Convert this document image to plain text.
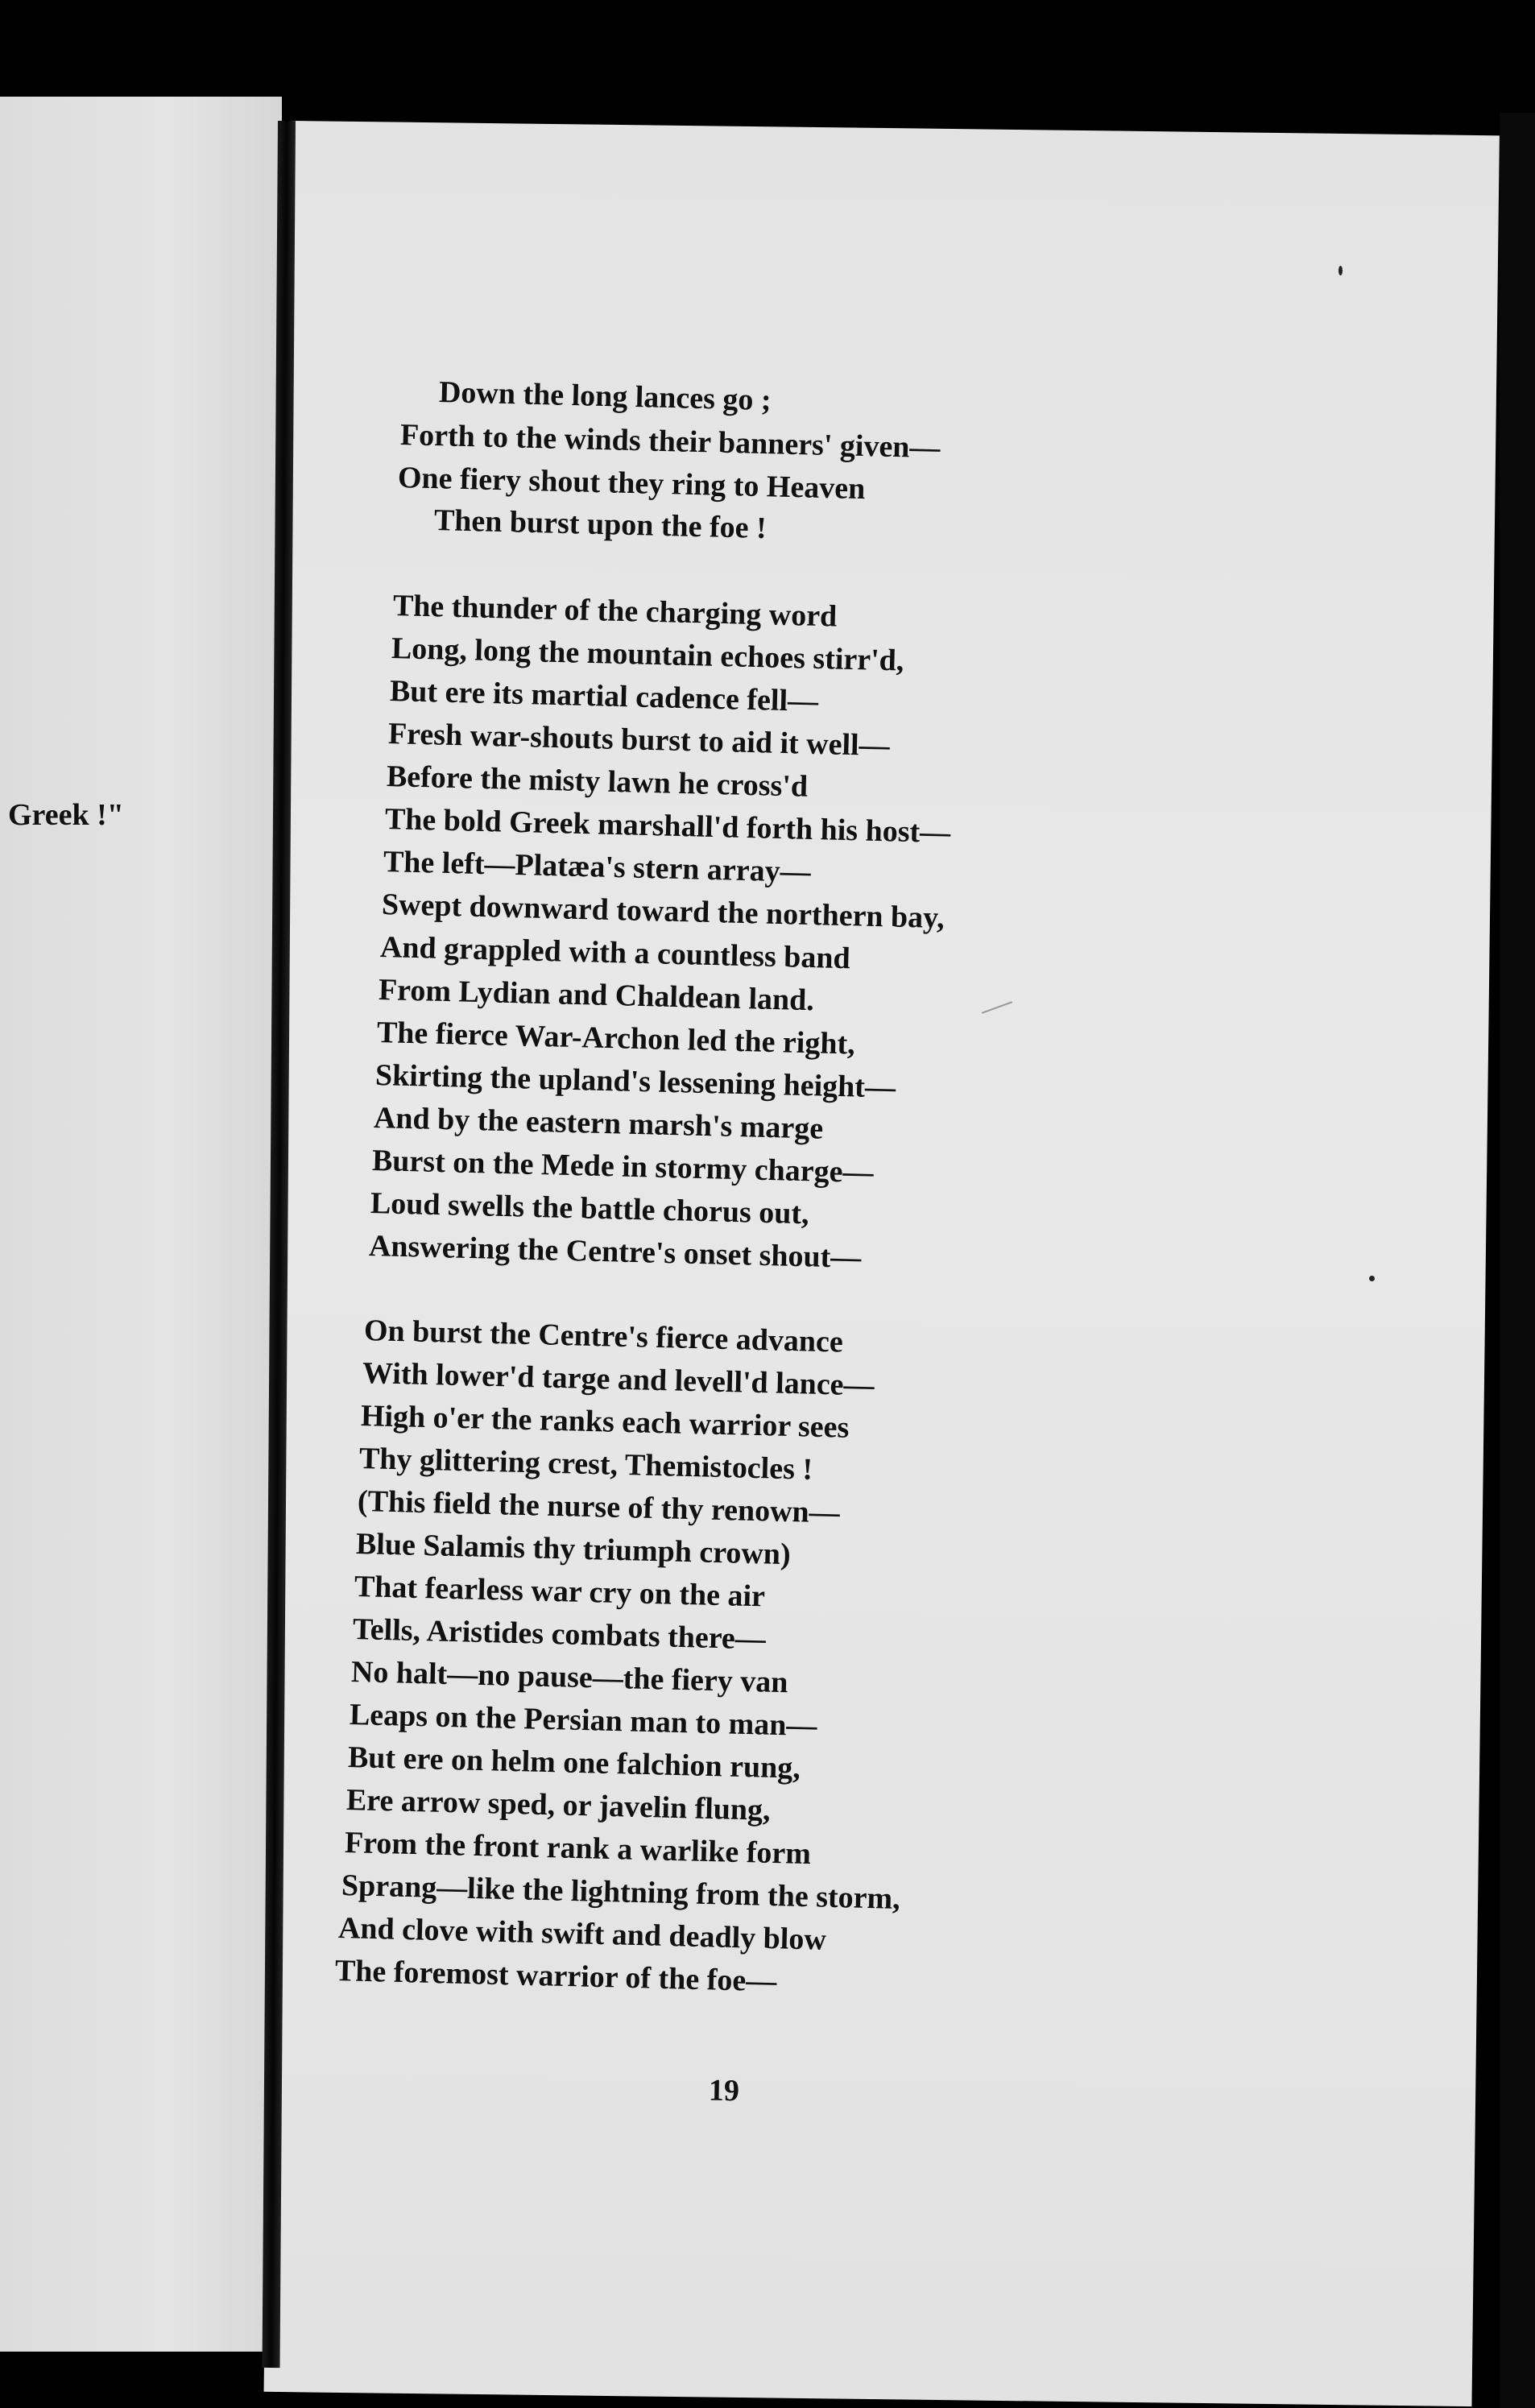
Greek !"
Down the long lances go ;
Forth to the winds their banners' given—
One fiery shout they ring to Heaven
Then burst upon the foe !
The thunder of the charging word
Long, long the mountain echoes stirr'd,
But ere its martial cadence fell—
Fresh war-shouts burst to aid it well—
Before the misty lawn he cross'd
The bold Greek marshall'd forth his host—
The left—Platæa's stern array—
Swept downward toward the northern bay,
And grappled with a countless band
From Lydian and Chaldean land.
The fierce War-Archon led the right,
Skirting the upland's lessening height—
And by the eastern marsh's marge
Burst on the Mede in stormy charge—
Loud swells the battle chorus out,
Answering the Centre's onset shout—
On burst the Centre's fierce advance
With lower'd targe and levell'd lance—
High o'er the ranks each warrior sees
Thy glittering crest, Themistocles !
(This field the nurse of thy renown—
Blue Salamis thy triumph crown)
That fearless war cry on the air
Tells, Aristides combats there—
No halt—no pause—the fiery van
Leaps on the Persian man to man—
But ere on helm one falchion rung,
Ere arrow sped, or javelin flung,
From the front rank a warlike form
Sprang—like the lightning from the storm,
And clove with swift and deadly blow
The foremost warrior of the foe—
19
